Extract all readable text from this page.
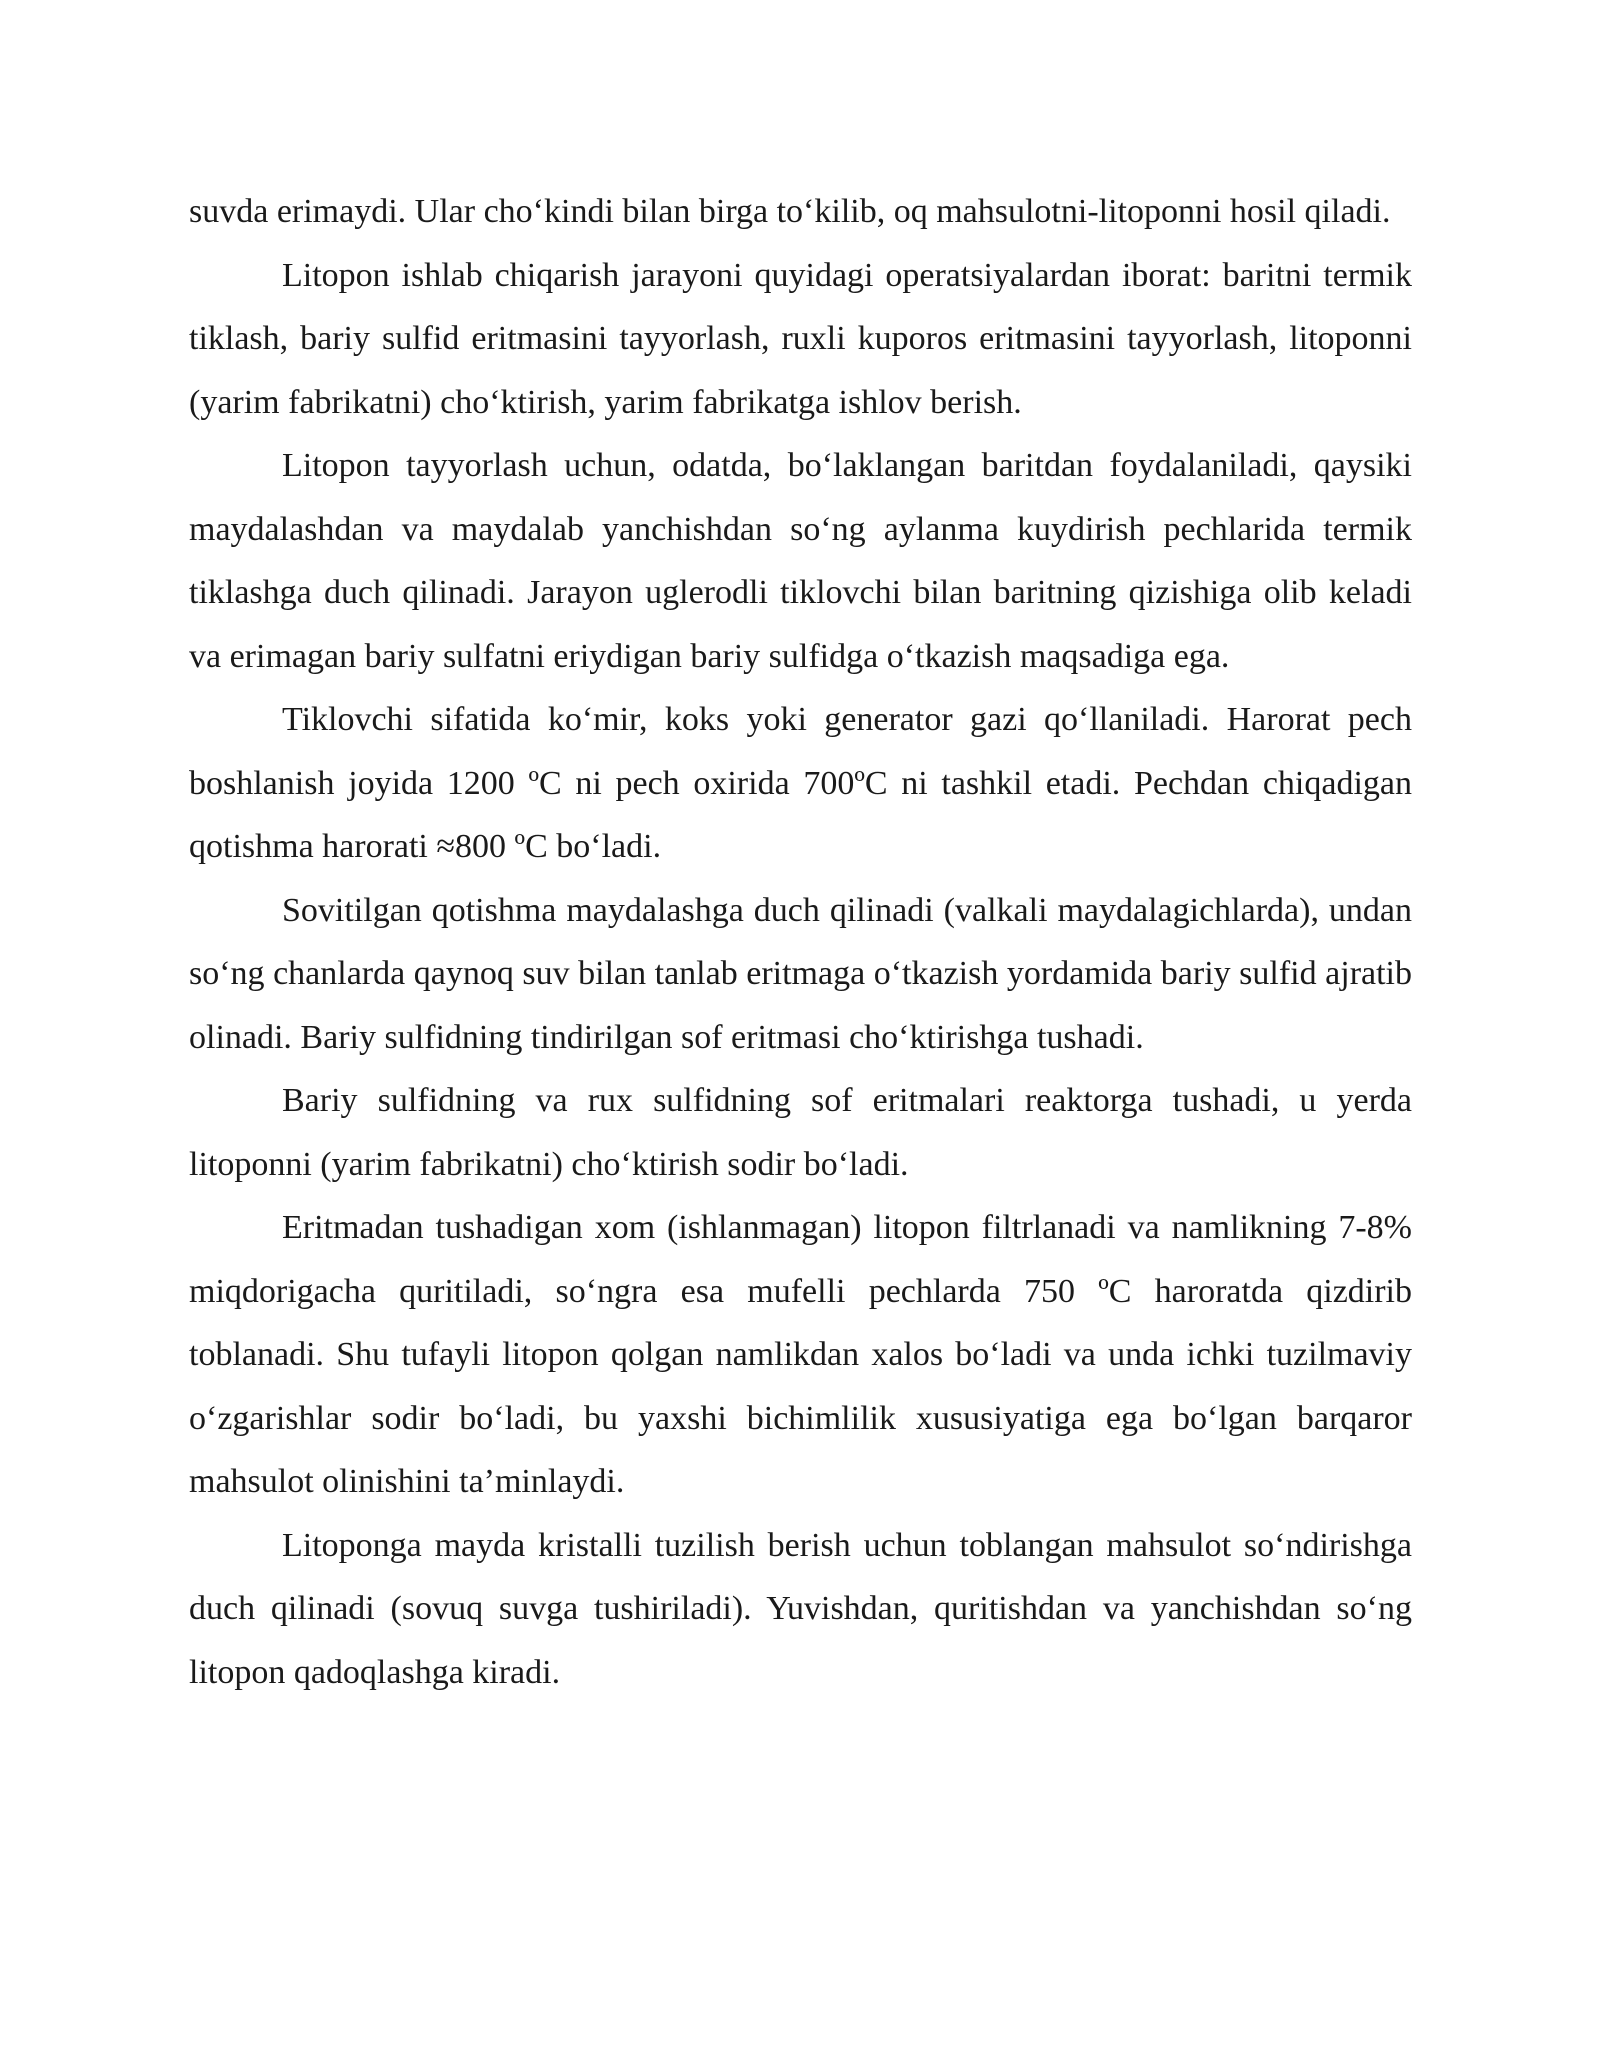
suvda erimaydi. Ular cho‘kindi bilan birga to‘kilib, oq mahsulotni-litoponni hosil qiladi.

Litopon ishlab chiqarish jarayoni quyidagi operatsiyalardan iborat: baritni termik tiklash, bariy sulfid eritmasini tayyorlash, ruxli kuporos eritmasini tayyorlash, litoponni (yarim fabrikatni) cho‘ktirish, yarim fabrikatga ishlov berish.

Litopon tayyorlash uchun, odatda, bo‘laklangan baritdan foydalaniladi, qaysiki maydalashdan va maydalab yanchishdan so‘ng aylanma kuydirish pechlarida termik tiklashga duch qilinadi. Jarayon uglerodli tiklovchi bilan baritning qizishiga olib keladi va erimagan bariy sulfatni eriydigan bariy sulfidga o‘tkazish maqsadiga ega.

Tiklovchi sifatida ko‘mir, koks yoki generator gazi qo‘llaniladi. Harorat pech boshlanish joyida 1200 ºC ni pech oxirida 700ºC ni tashkil etadi. Pechdan chiqadigan qotishma harorati ≈800 ºC bo‘ladi.

Sovitilgan qotishma maydalashga duch qilinadi (valkali maydalagichlarda), undan so‘ng chanlarda qaynoq suv bilan tanlab eritmaga o‘tkazish yordamida bariy sulfid ajratib olinadi. Bariy sulfidning tindirilgan sof eritmasi cho‘ktirishga tushadi.

Bariy sulfidning va rux sulfidning sof eritmalari reaktorga tushadi, u yerda litoponni (yarim fabrikatni) cho‘ktirish sodir bo‘ladi.

Eritmadan tushadigan xom (ishlanmagan) litopon filtrlanadi va namlikning 7-8% miqdorigacha quritiladi, so‘ngra esa mufelli pechlarda 750 ºC haroratda qizdirib toblanadi. Shu tufayli litopon qolgan namlikdan xalos bo‘ladi va unda ichki tuzilmaviy o‘zgarishlar sodir bo‘ladi, bu yaxshi bichimlilik xususiyatiga ega bo‘lgan barqaror mahsulot olinishini ta’minlaydi.

Litoponga mayda kristalli tuzilish berish uchun toblangan mahsulot so‘ndirishga duch qilinadi (sovuq suvga tushiriladi). Yuvishdan, quritishdan va yanchishdan so‘ng litopon qadoqlashga kiradi.
